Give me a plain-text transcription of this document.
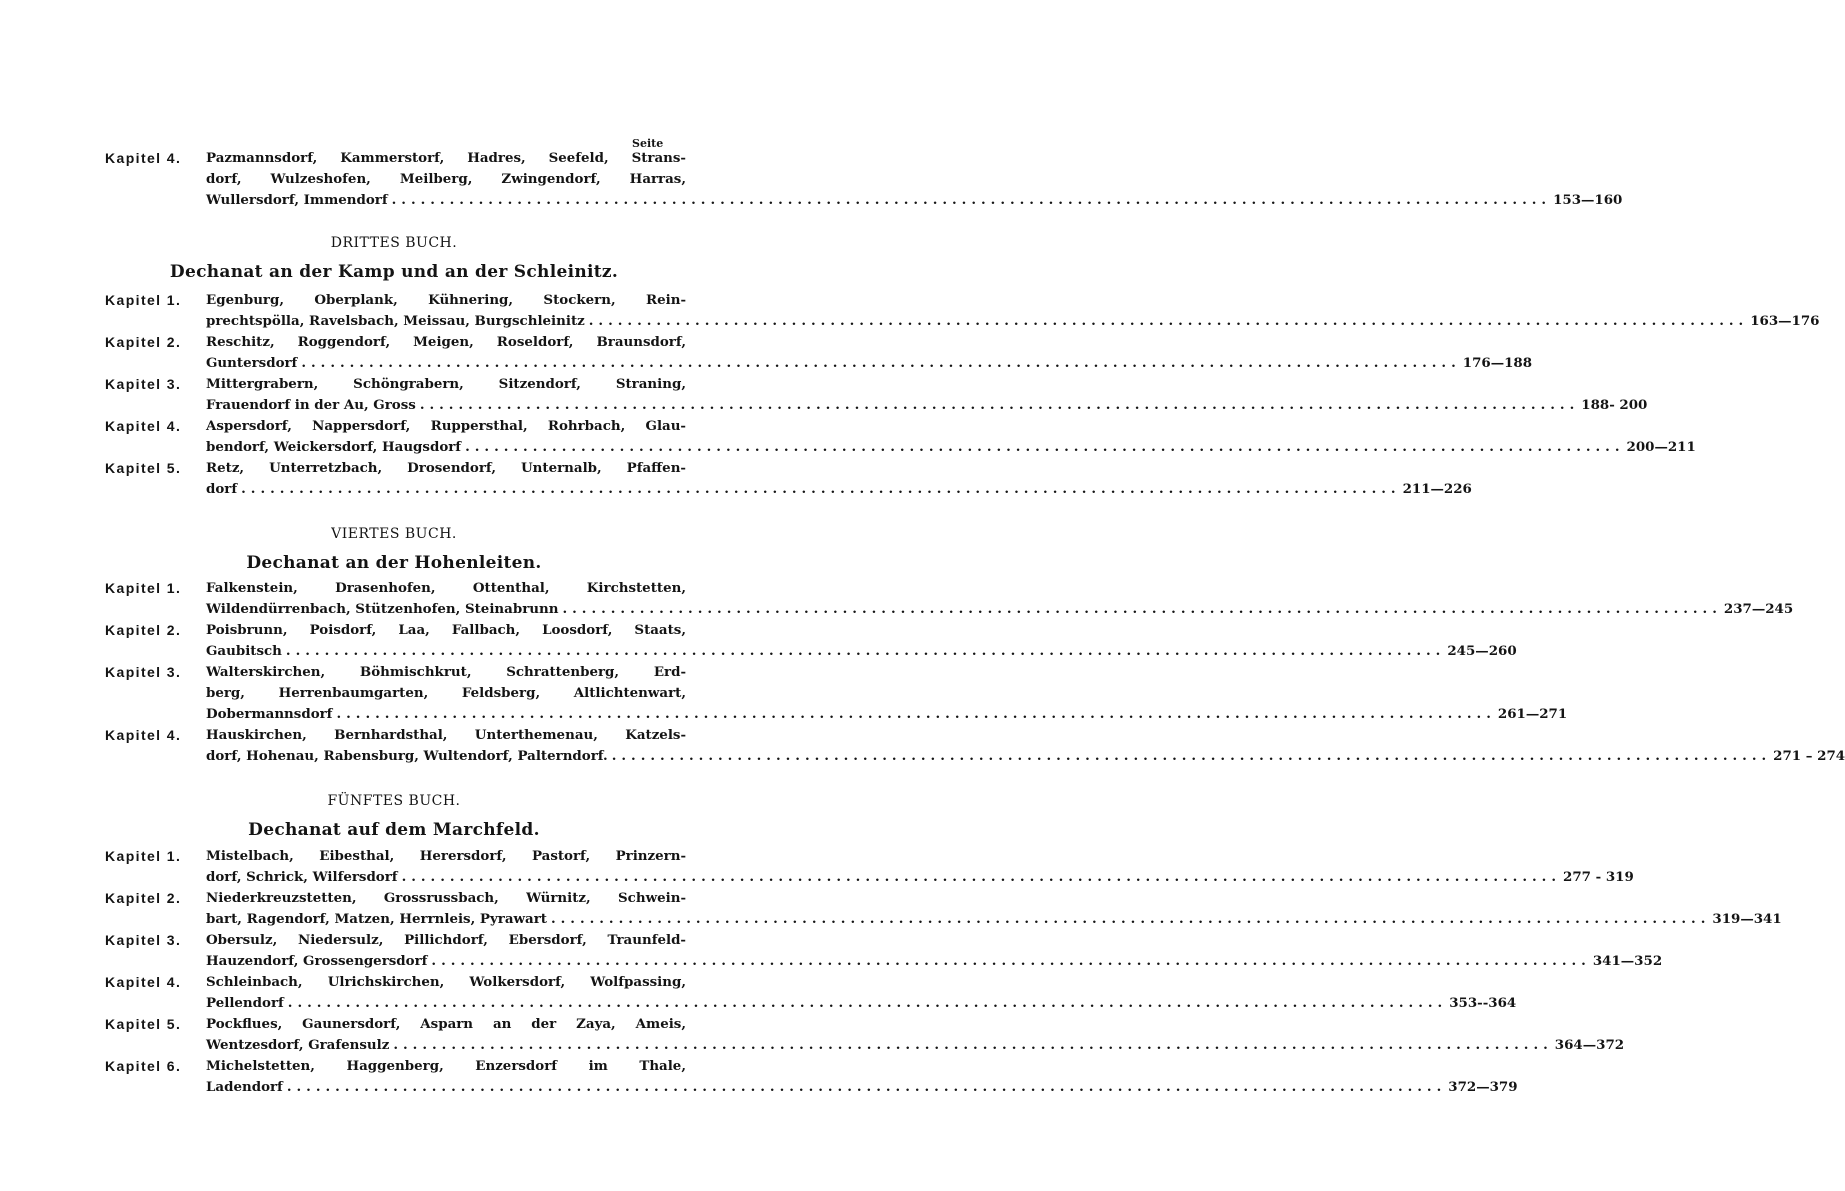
Seite
Kapitel 4. Pazmannsdorf, Kammerstorf, Hadres, Seefeld, Strans-
dorf, Wulzeshofen, Meilberg, Zwingendorf, Harras,
Wullersdorf, Immendorf ........................................................................................................................ 153—160
DRITTES BUCH.
Dechanat an der Kamp und an der Schleinitz.
Kapitel 1. Egenburg, Oberplank, Kühnering, Stockern, Rein-
prechtspölla, Ravelsbach, Meissau, Burgschleinitz ........................................................................................................................ 163—176
Kapitel 2. Reschitz, Roggendorf, Meigen, Roseldorf, Braunsdorf,
Guntersdorf ........................................................................................................................ 176—188
Kapitel 3. Mittergrabern, Schöngrabern, Sitzendorf, Straning,
Frauendorf in der Au, Gross ........................................................................................................................ 188- 200
Kapitel 4. Aspersdorf, Nappersdorf, Ruppersthal, Rohrbach, Glau-
bendorf, Weickersdorf, Haugsdorf ........................................................................................................................ 200—211
Kapitel 5. Retz, Unterretzbach, Drosendorf, Unternalb, Pfaffen-
dorf ........................................................................................................................ 211—226
VIERTES BUCH.
Dechanat an der Hohenleiten.
Kapitel 1. Falkenstein, Drasenhofen, Ottenthal, Kirchstetten,
Wildendürrenbach, Stützenhofen, Steinabrunn ........................................................................................................................ 237—245
Kapitel 2. Poisbrunn, Poisdorf, Laa, Fallbach, Loosdorf, Staats,
Gaubitsch ........................................................................................................................ 245—260
Kapitel 3. Walterskirchen, Böhmischkrut, Schrattenberg, Erd-
berg, Herrenbaumgarten, Feldsberg, Altlichtenwart,
Dobermannsdorf ........................................................................................................................ 261—271
Kapitel 4. Hauskirchen, Bernhardsthal, Unterthemenau, Katzels-
dorf, Hohenau, Rabensburg, Wultendorf, Palterndorf. ........................................................................................................................ 271 – 274
FÜNFTES BUCH.
Dechanat auf dem Marchfeld.
Kapitel 1. Mistelbach, Eibesthal, Herersdorf, Pastorf, Prinzern-
dorf, Schrick, Wilfersdorf ........................................................................................................................ 277 - 319
Kapitel 2. Niederkreuzstetten, Grossrussbach, Würnitz, Schwein-
bart, Ragendorf, Matzen, Herrnleis, Pyrawart ........................................................................................................................ 319—341
Kapitel 3. Obersulz, Niedersulz, Pillichdorf, Ebersdorf, Traunfeld-
Hauzendorf, Grossengersdorf ........................................................................................................................ 341—352
Kapitel 4. Schleinbach, Ulrichskirchen, Wolkersdorf, Wolfpassing,
Pellendorf ........................................................................................................................ 353--364
Kapitel 5. Pockflues, Gaunersdorf, Asparn an der Zaya, Ameis,
Wentzesdorf, Grafensulz ........................................................................................................................ 364—372
Kapitel 6. Michelstetten, Haggenberg, Enzersdorf im Thale,
Ladendorf ........................................................................................................................ 372—379
